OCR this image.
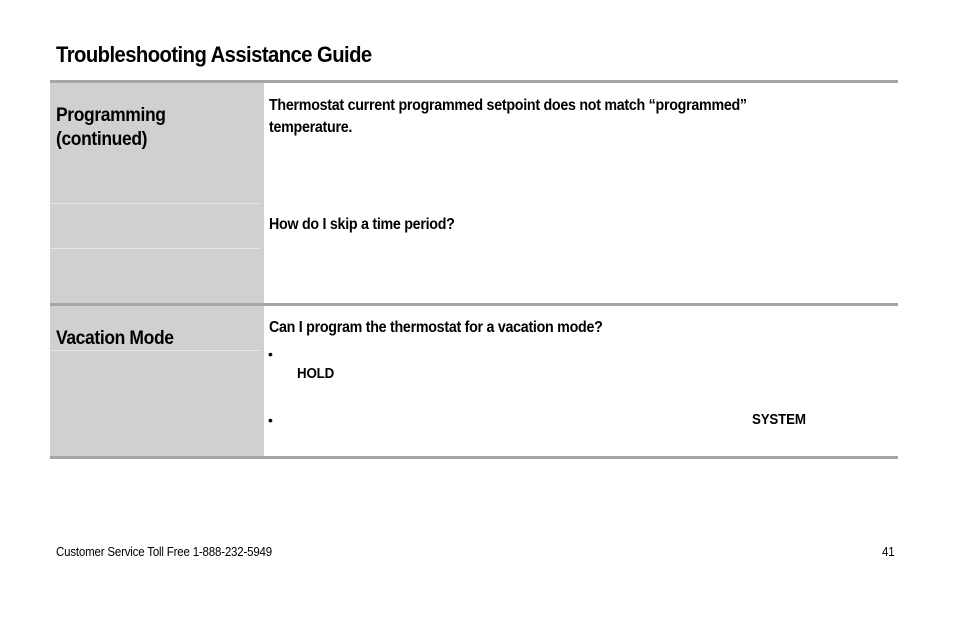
Troubleshooting Assistance Guide
Programming
(continued)
Thermostat current programmed setpoint does not match “programmed”
temperature.
How do I skip a time period?
Vacation Mode
Can I program the thermostat for a vacation mode?
•
HOLD
•	SYSTEM
Customer Service Toll Free 1-888-232-5949	41
